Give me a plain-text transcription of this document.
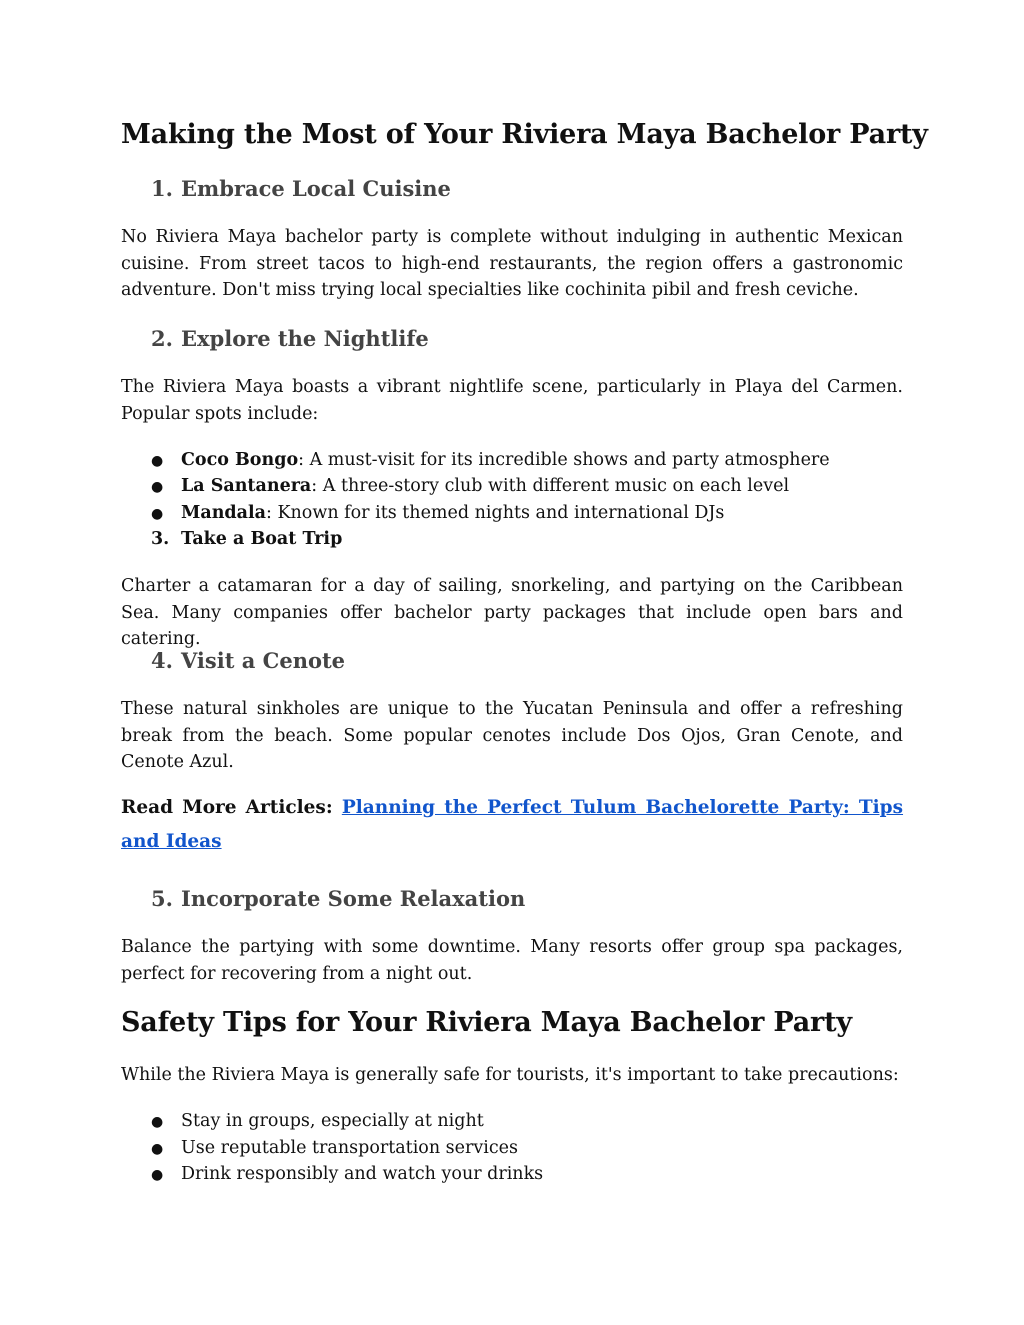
Making the Most of Your Riviera Maya Bachelor Party
1. Embrace Local Cuisine
No Riviera Maya bachelor party is complete without indulging in authentic Mexican cuisine. From street tacos to high-end restaurants, the region offers a gastronomic adventure. Don't miss trying local specialties like cochinita pibil and fresh ceviche.
2. Explore the Nightlife
The Riviera Maya boasts a vibrant nightlife scene, particularly in Playa del Carmen. Popular spots include:
● Coco Bongo: A must-visit for its incredible shows and party atmosphere
● La Santanera: A three-story club with different music on each level
● Mandala: Known for its themed nights and international DJs
3. Take a Boat Trip
Charter a catamaran for a day of sailing, snorkeling, and partying on the Caribbean Sea. Many companies offer bachelor party packages that include open bars and catering.
4. Visit a Cenote
These natural sinkholes are unique to the Yucatan Peninsula and offer a refreshing break from the beach. Some popular cenotes include Dos Ojos, Gran Cenote, and Cenote Azul.
Read More Articles: Planning the Perfect Tulum Bachelorette Party: Tips and Ideas
5. Incorporate Some Relaxation
Balance the partying with some downtime. Many resorts offer group spa packages, perfect for recovering from a night out.
Safety Tips for Your Riviera Maya Bachelor Party
While the Riviera Maya is generally safe for tourists, it's important to take precautions:
● Stay in groups, especially at night
● Use reputable transportation services
● Drink responsibly and watch your drinks
